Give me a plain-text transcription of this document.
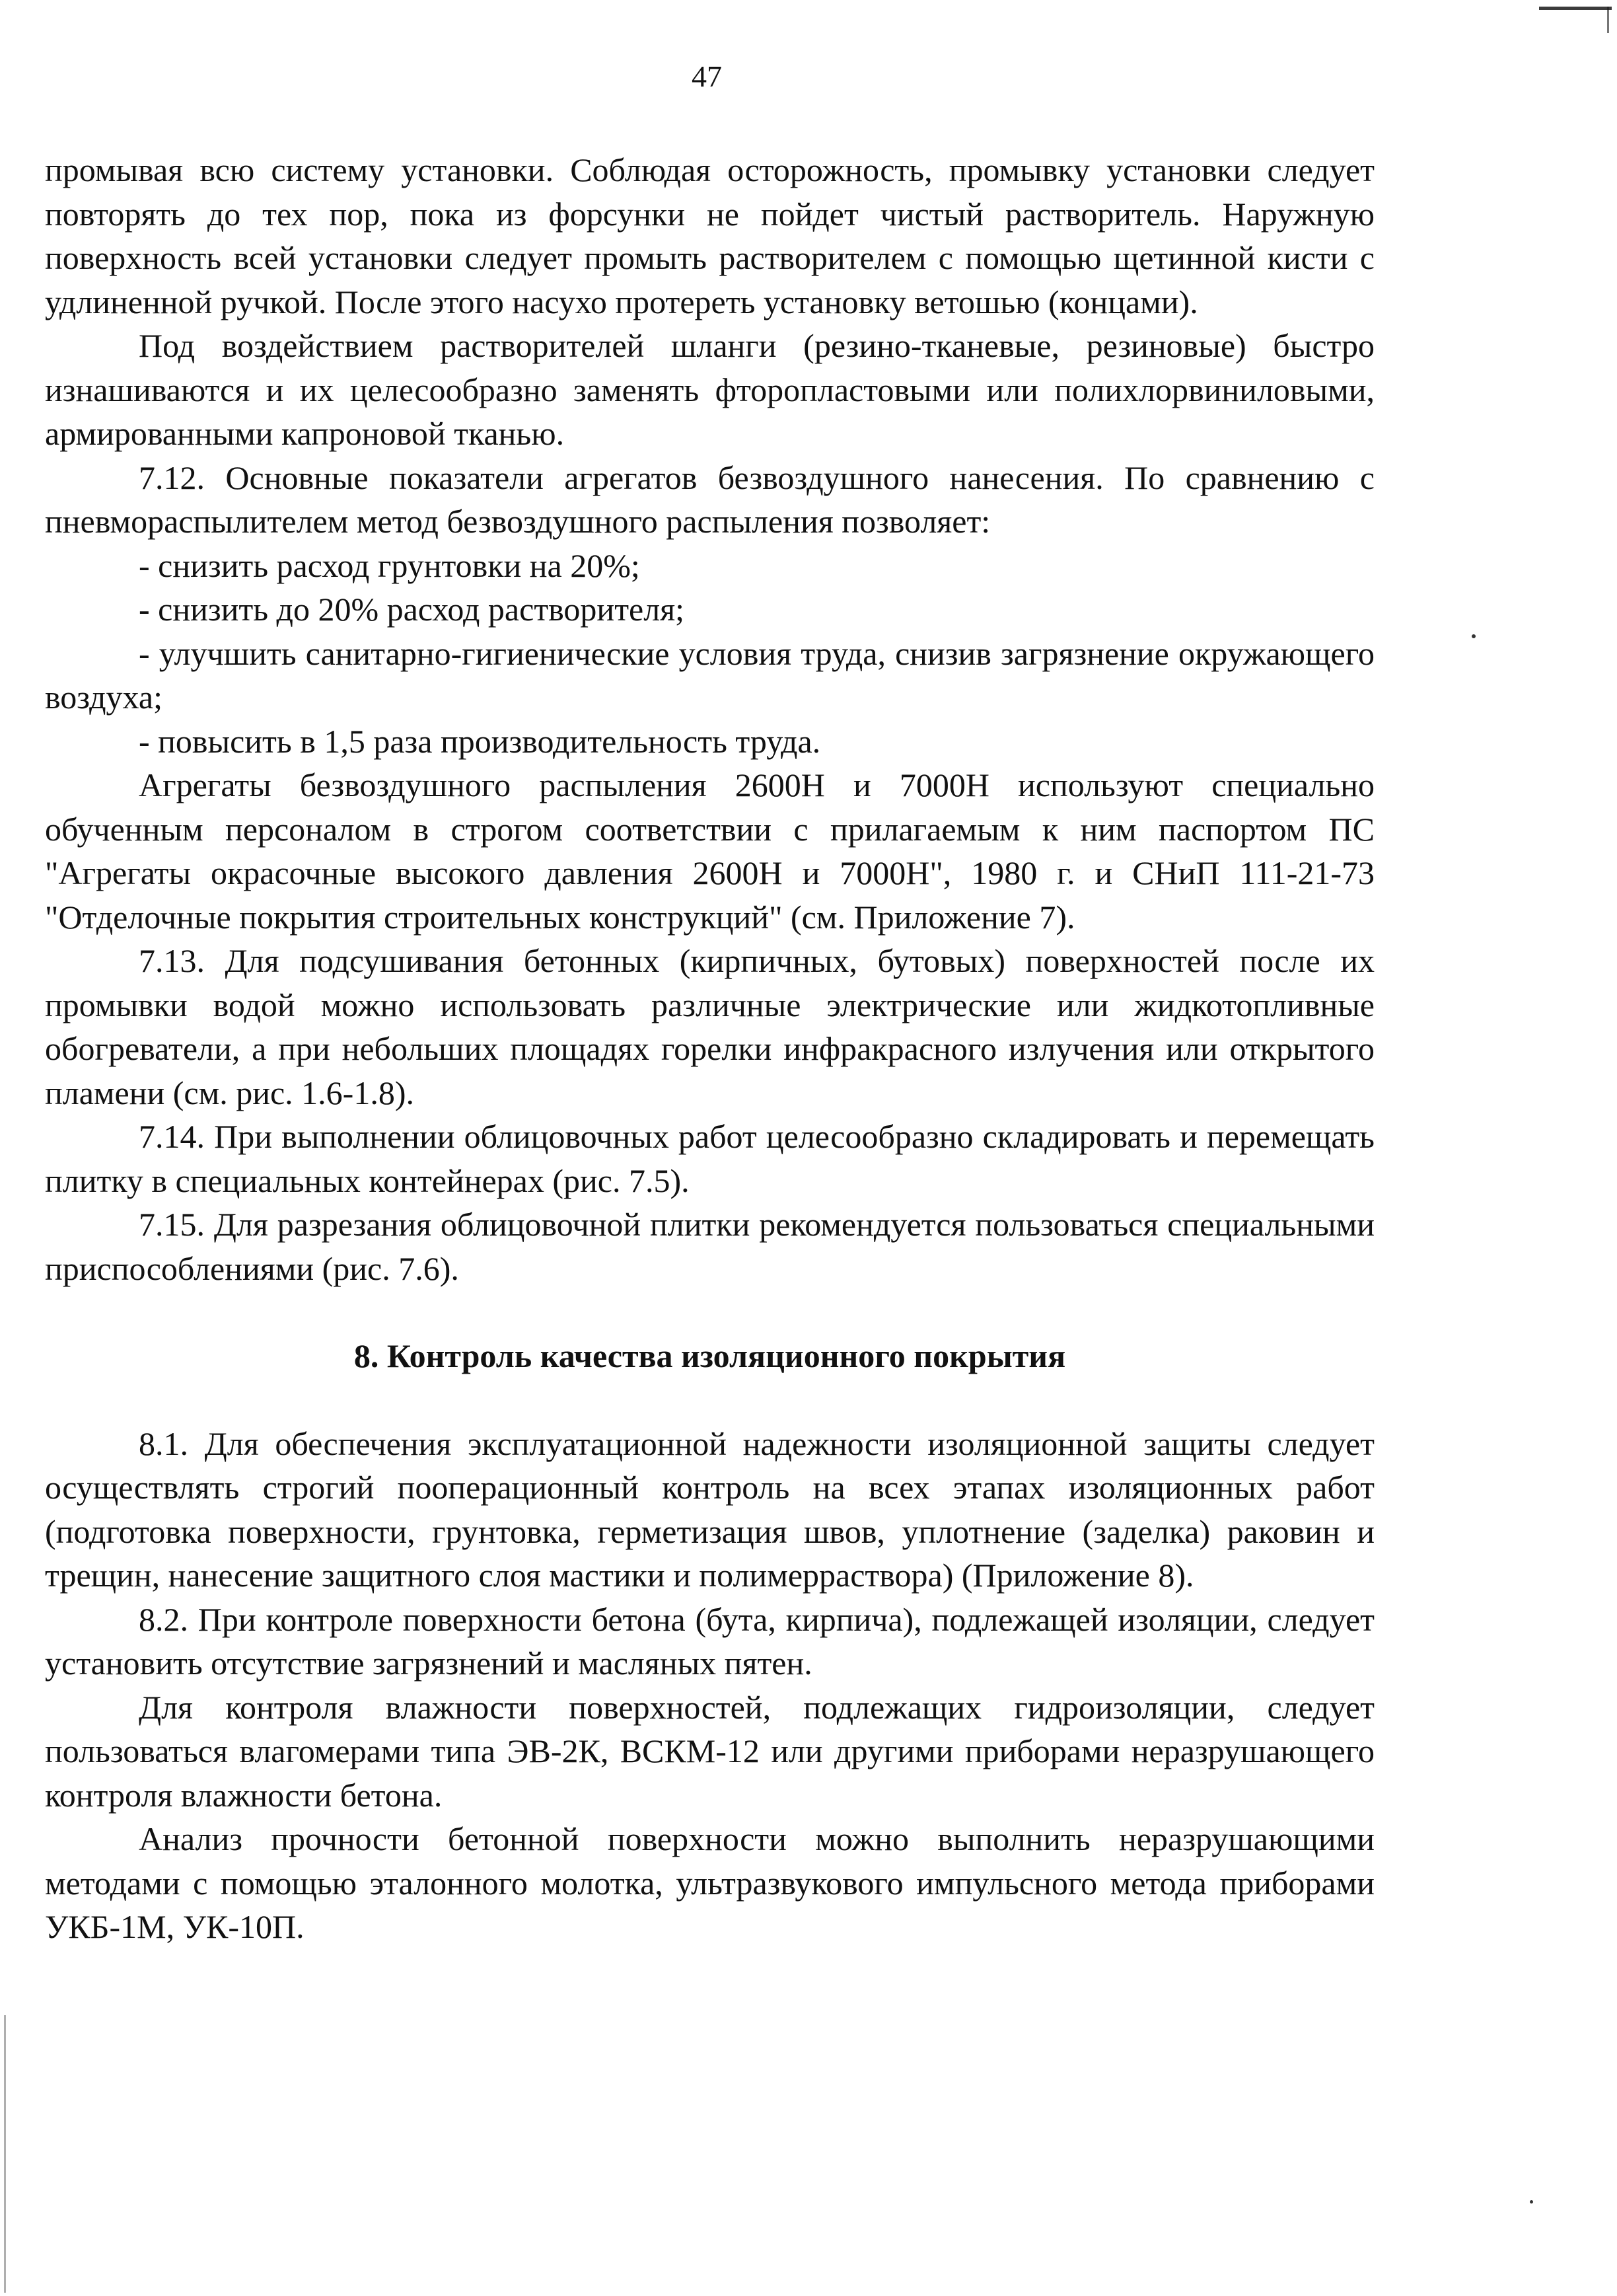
47

промывая всю систему установки. Соблюдая осторожность, промывку установки следует повторять до тех пор, пока из форсунки не пойдет чистый растворитель. Наружную поверхность всей установки следует промыть растворителем с помощью щетинной кисти с удлиненной ручкой. После этого насухо протереть установку ветошью (концами).

Под воздействием растворителей шланги (резино-тканевые, резиновые) быстро изнашиваются и их целесообразно заменять фторопластовыми или полихлорвиниловыми, армированными капроновой тканью.

7.12. Основные показатели агрегатов безвоздушного нанесения. По сравнению с пневмораспылителем метод безвоздушного распыления позволяет:

- снизить расход грунтовки на 20%;

- снизить до 20% расход растворителя;

- улучшить санитарно-гигиенические условия труда, снизив загрязнение окружающего воздуха;

- повысить в 1,5 раза производительность труда.

Агрегаты безвоздушного распыления 2600Н и 7000Н используют специально обученным персоналом в строгом соответствии с прилагаемым к ним паспортом ПС "Агрегаты окрасочные высокого давления 2600Н и 7000Н", 1980 г. и СНиП 111-21-73 "Отделочные покрытия строительных конструкций" (см. Приложение 7).

7.13. Для подсушивания бетонных (кирпичных, бутовых) поверхностей после их промывки водой можно использовать различные электрические или жидкотопливные обогреватели, а при небольших площадях горелки инфракрасного излучения или открытого пламени (см. рис. 1.6-1.8).

7.14. При выполнении облицовочных работ целесообразно складировать и перемещать плитку в специальных контейнерах (рис. 7.5).

7.15. Для разрезания облицовочной плитки рекомендуется пользоваться специальными приспособлениями (рис. 7.6).

8. Контроль качества изоляционного покрытия

8.1. Для обеспечения эксплуатационной надежности изоляционной защиты следует осуществлять строгий пооперационный контроль на всех этапах изоляционных работ (подготовка поверхности, грунтовка, герметизация швов, уплотнение (заделка) раковин и трещин, нанесение защитного слоя мастики и полимерраствора) (Приложение 8).

8.2. При контроле поверхности бетона (бута, кирпича), подлежащей изоляции, следует установить отсутствие загрязнений и масляных пятен.

Для контроля влажности поверхностей, подлежащих гидроизоляции, следует пользоваться влагомерами типа ЭВ-2К, ВСКМ-12 или другими приборами неразрушающего контроля влажности бетона.

Анализ прочности бетонной поверхности можно выполнить неразрушающими методами с помощью эталонного молотка, ультразвукового импульсного метода приборами УКБ-1М, УК-10П.
